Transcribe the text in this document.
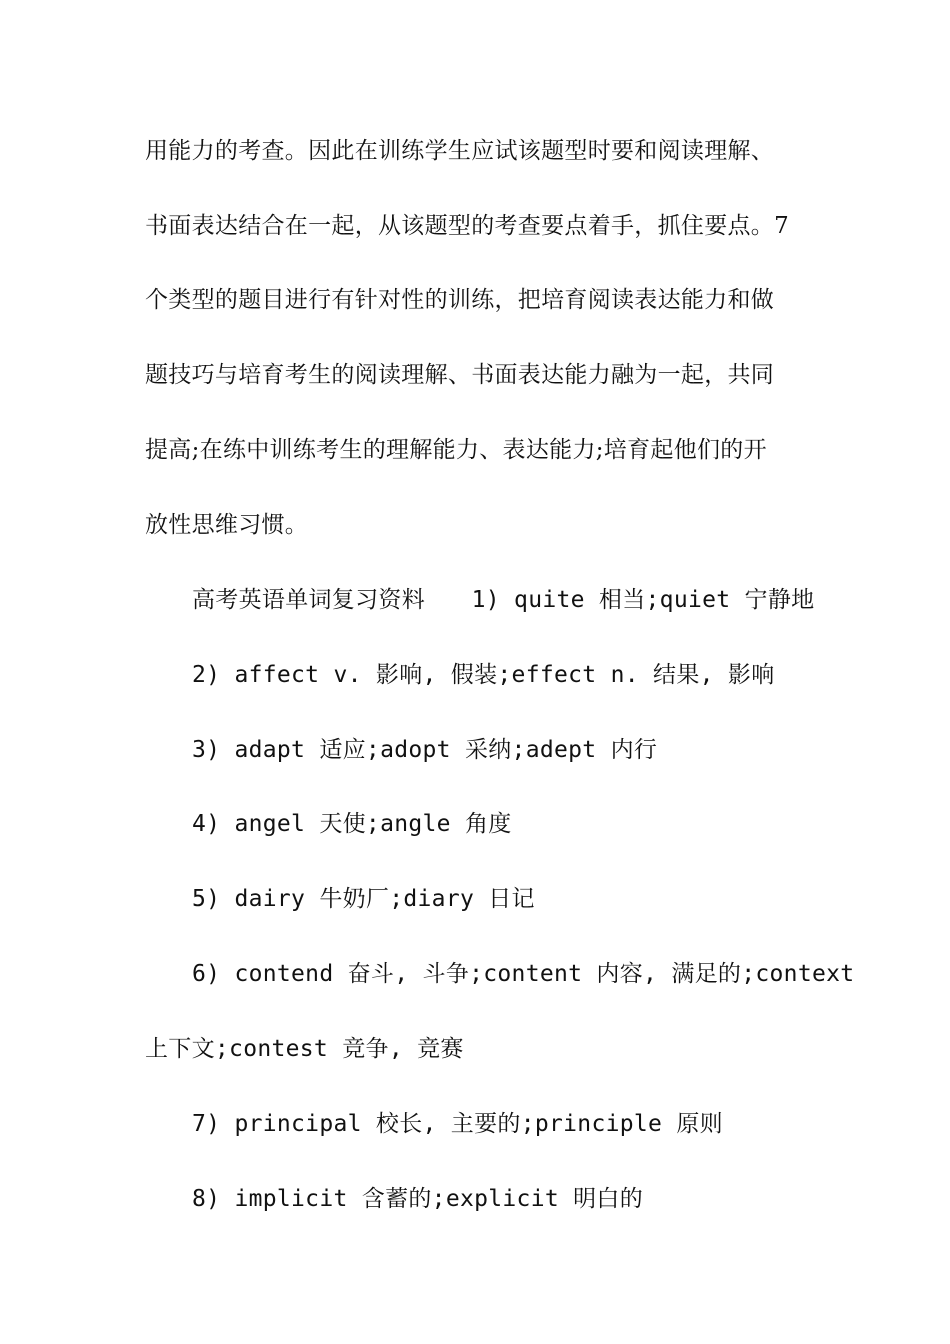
用能力的考查。因此在训练学生应试该题型时要和阅读理解、
书面表达结合在一起，从该题型的考查要点着手，抓住要点。7
个类型的题目进行有针对性的训练，把培育阅读表达能力和做
题技巧与培育考生的阅读理解、书面表达能力融为一起，共同
提高;在练中训练考生的理解能力、表达能力;培育起他们的开
放性思维习惯。
高考英语单词复习资料　　1) quite 相当;quiet 宁静地
2) affect v. 影响, 假装;effect n. 结果, 影响
3) adapt 适应;adopt 采纳;adept 内行
4) angel 天使;angle 角度
5) dairy 牛奶厂;diary 日记
6) contend 奋斗, 斗争;content 内容, 满足的;context
上下文;contest 竞争, 竞赛
7) principal 校长, 主要的;principle 原则
8) implicit 含蓄的;explicit 明白的
